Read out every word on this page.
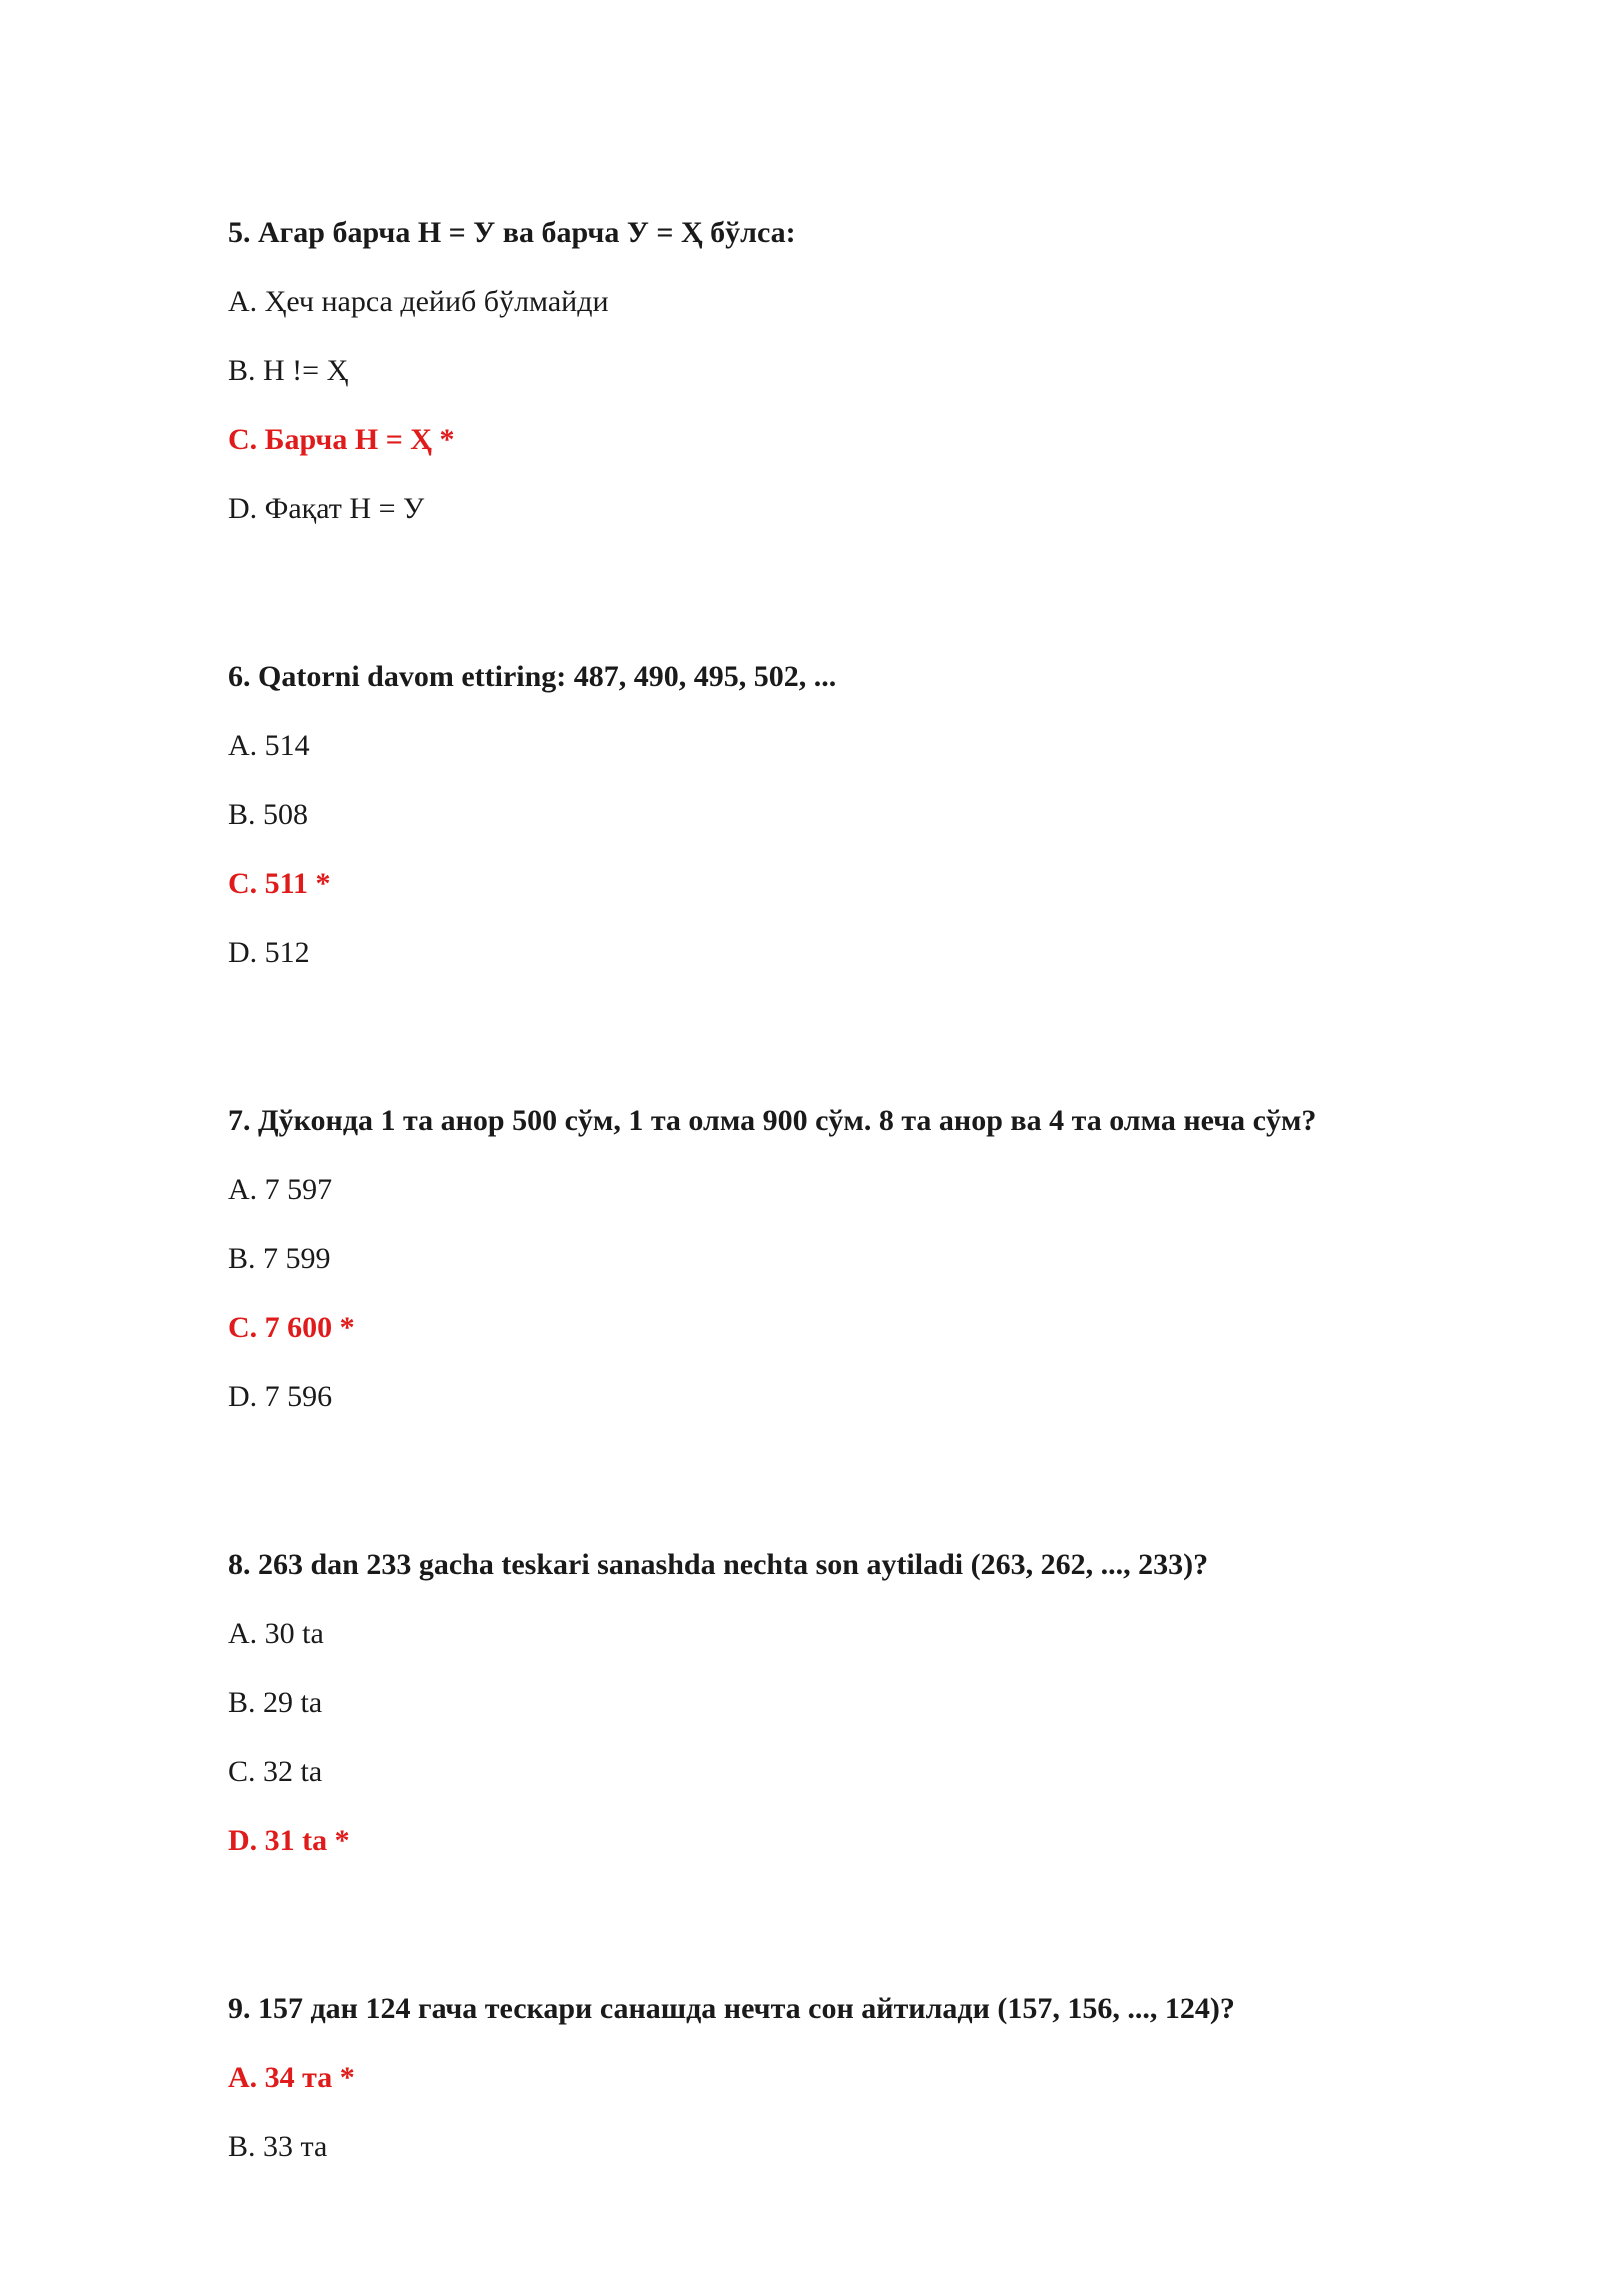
5. Агар барча Н = У ва барча У = Ҳ бўлса:
A. Ҳеч нарса дейиб бўлмайди
B. Н != Ҳ
C. Барча Н = Ҳ *
D. Фақат Н = У
6. Qatorni davom ettiring: 487, 490, 495, 502, ...
A. 514
B. 508
C. 511 *
D. 512
7. Дўконда 1 та анор 500 сўм, 1 та олма 900 сўм. 8 та анор ва 4 та олма неча сўм?
A. 7 597
B. 7 599
C. 7 600 *
D. 7 596
8. 263 dan 233 gacha teskari sanashda nechta son aytiladi (263, 262, ..., 233)?
A. 30 ta
B. 29 ta
C. 32 ta
D. 31 ta *
9. 157 дан 124 гача тескари санашда нечта сон айтилади (157, 156, ..., 124)?
A. 34 та *
B. 33 та
